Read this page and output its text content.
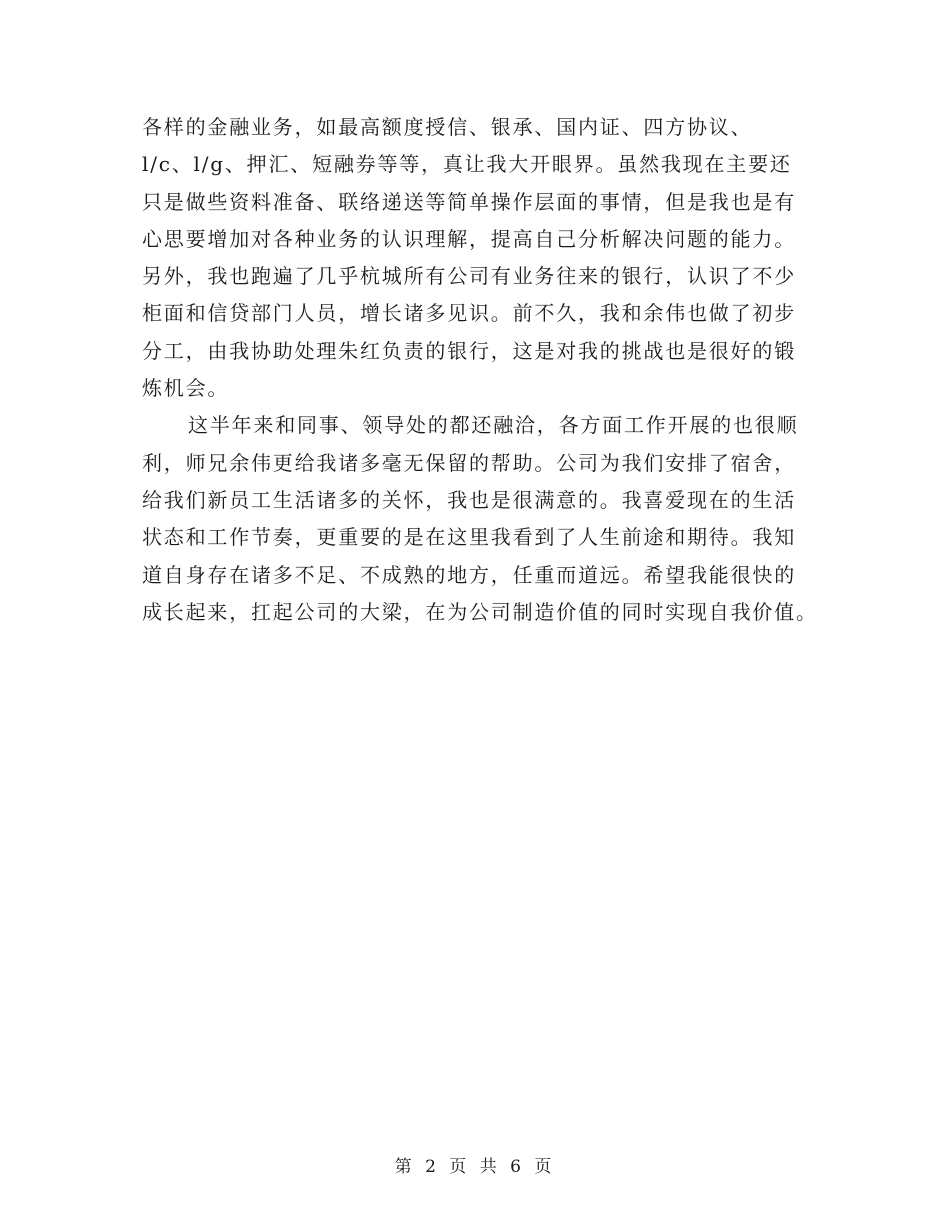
各样的金融业务，如最高额度授信、银承、国内证、四方协议、
l/c、l/g、押汇、短融券等等，真让我大开眼界。虽然我现在主要还
只是做些资料准备、联络递送等简单操作层面的事情，但是我也是有
心思要增加对各种业务的认识理解，提高自己分析解决问题的能力。
另外，我也跑遍了几乎杭城所有公司有业务往来的银行，认识了不少
柜面和信贷部门人员，增长诸多见识。前不久，我和余伟也做了初步
分工，由我协助处理朱红负责的银行，这是对我的挑战也是很好的锻
炼机会。
这半年来和同事、领导处的都还融洽，各方面工作开展的也很顺
利，师兄余伟更给我诸多毫无保留的帮助。公司为我们安排了宿舍，
给我们新员工生活诸多的关怀，我也是很满意的。我喜爱现在的生活
状态和工作节奏，更重要的是在这里我看到了人生前途和期待。我知
道自身存在诸多不足、不成熟的地方，任重而道远。希望我能很快的
成长起来，扛起公司的大梁，在为公司制造价值的同时实现自我价值。
第 2 页 共 6 页
